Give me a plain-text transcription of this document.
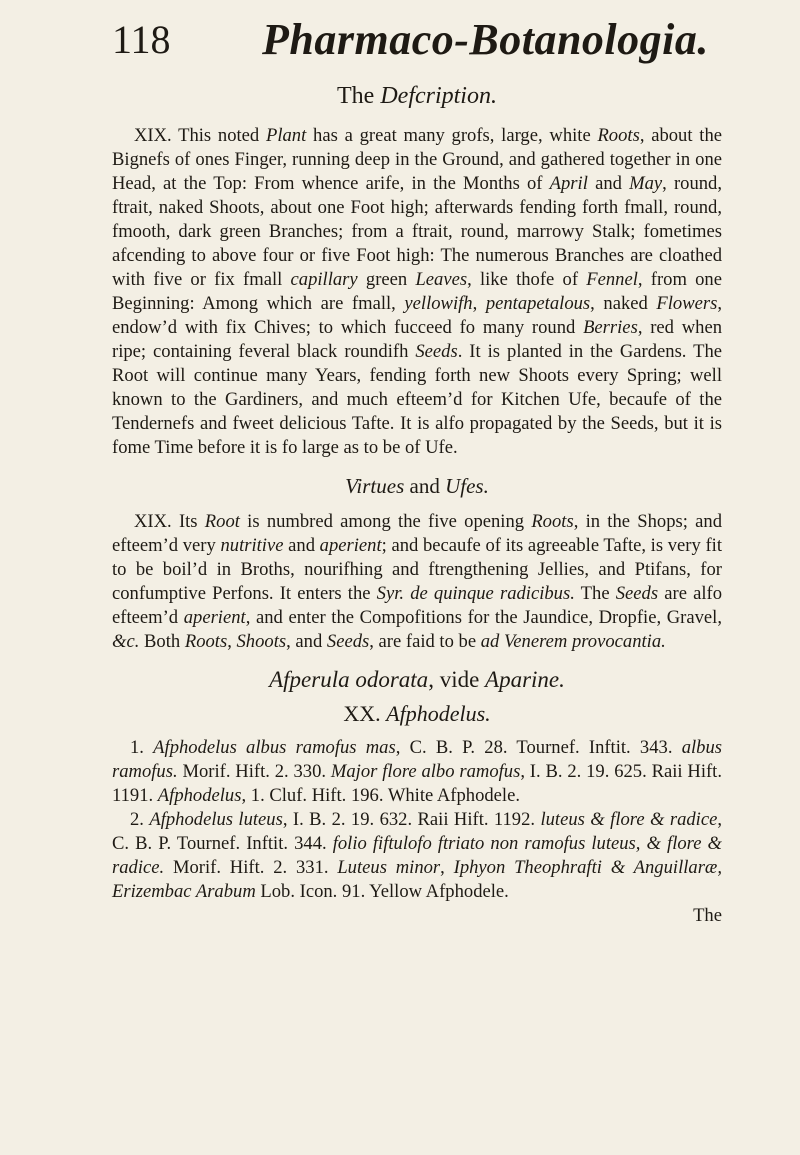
118 Pharmaco-Botanologia.
The Defcription.

XIX. This noted Plant has a great many grofs, large, white Roots, about the Bignefs of ones Finger, running deep in the Ground, and gathered together in one Head, at the Top: From whence arife, in the Months of April and May, round, ftrait, naked Shoots, about one Foot high; afterwards fending forth fmall, round, fmooth, dark green Branches; from a ftrait, round, marrowy Stalk; fometimes afcending to above four or five Foot high: The numerous Branches are cloathed with five or fix fmall capillary green Leaves, like thofe of Fennel, from one Beginning: Among which are fmall, yellowifh, pentapetalous, naked Flowers, endow’d with fix Chives; to which fucceed fo many round Berries, red when ripe; containing feveral black roundifh Seeds. It is planted in the Gardens. The Root will continue many Years, fending forth new Shoots every Spring; well known to the Gardiners, and much efteem’d for Kitchen Ufe, becaufe of the Tendernefs and fweet delicious Tafte. It is alfo propagated by the Seeds, but it is fome Time before it is fo large as to be of Ufe.

Virtues and Ufes.

XIX. Its Root is numbred among the five opening Roots, in the Shops; and efteem’d very nutritive and aperient; and becaufe of its agreeable Tafte, is very fit to be boil’d in Broths, nourifhing and ftrengthening Jellies, and Ptifans, for confumptive Perfons. It enters the Syr. de quinque radicibus. The Seeds are alfo efteem’d aperient, and enter the Compofitions for the Jaundice, Dropfie, Gravel, &c. Both Roots, Shoots, and Seeds, are faid to be ad Venerem provocantia.

Afperula odorata, vide Aparine.
XX. Afphodelus.

1. Afphodelus albus ramofus mas, C. B. P. 28. Tournef. Inftit. 343. albus ramofus. Morif. Hift. 2. 330. Major flore albo ramofus, I. B. 2. 19. 625. Raii Hift. 1191. Afphodelus, 1. Cluf. Hift. 196. White Afphodele.

2. Afphodelus luteus, I. B. 2. 19. 632. Raii Hift. 1192. luteus & flore & radice, C. B. P. Tournef. Inftit. 344. folio fiftulofo ftriato non ramofus luteus, & flore & radice. Morif. Hift. 2. 331. Luteus minor, Iphyon Theophrafti & Anguillaræ, Erizembac Arabum Lob. Icon. 91. Yellow Afphodele.

The
